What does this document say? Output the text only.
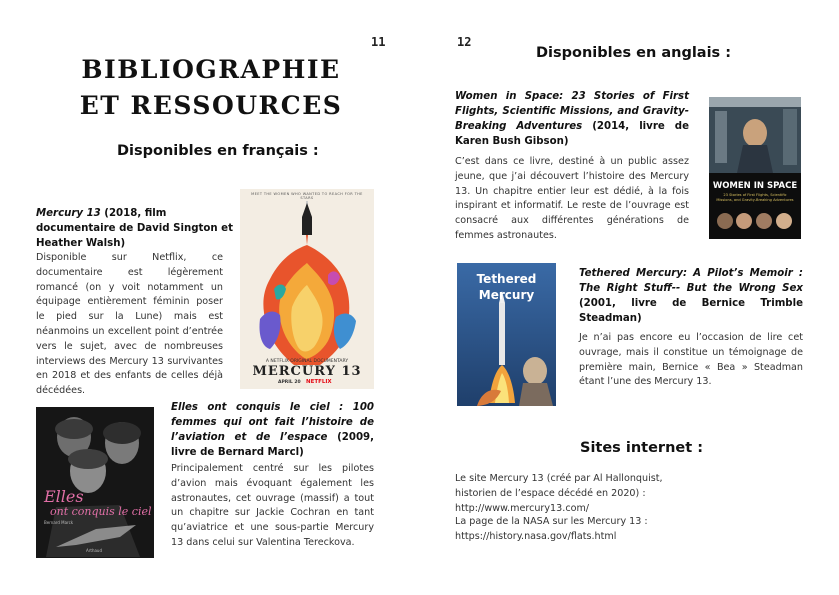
11
BIBLIOGRAPHIE
ET RESSOURCES
Disponibles en français :
Mercury 13 (2018, film documentaire de David Sington et Heather Walsh)
Disponible sur Netflix, ce documentaire est légèrement romancé (on y voit notamment un équipage entièrement féminin poser le pied sur la Lune) mais est néanmoins un excellent point d’entrée vers le sujet, avec de nombreuses interviews des Mercury 13 survivantes en 2018 et des enfants de celles déjà décédées.
MEET THE WOMEN WHO WANTED TO REACH FOR THE STARS
A NETFLIX ORIGINAL DOCUMENTARY
MERCURY 13
APRIL 20 NETFLIX
Elles
ont conquis le ciel
Bernard Marck
Arthaud
Elles ont conquis le ciel : 100 femmes qui ont fait l’histoire de l’aviation et de l’espace (2009, livre de Bernard Marcl)
Principalement centré sur les pilotes d’avion mais évoquant également les astronautes, cet ouvrage (massif) a tout un chapitre sur Jackie Cochran en tant qu’aviatrice et une sous-partie Mercury 13 dans celui sur Valentina Tereckova.
12
Disponibles en anglais :
Women in Space: 23 Stories of First Flights, Scientific Missions, and Gravity-Breaking Adventures (2014, livre de Karen Bush Gibson)
C’est dans ce livre, destiné à un public assez jeune, que j’ai découvert l’histoire des Mercury 13. Un chapitre entier leur est dédié, à la fois inspirant et informatif. Le reste de l’ouvrage est consacré aux différentes générations de femmes astronautes.
WOMEN IN SPACE
23 Stories of First Flights, Scientific Missions, and Gravity-Breaking Adventures
Tethered
Mercury
Tethered Mercury: A Pilot’s Memoir : The Right Stuff-- But the Wrong Sex (2001, livre de Bernice Trimble Steadman)
Je n’ai pas encore eu l’occasion de lire cet ouvrage, mais il constitue un témoignage de première main, Bernice « Bea » Steadman étant l’une des Mercury 13.
Sites internet :
Le site Mercury 13 (créé par Al Hallonquist, historien de l’espace décédé en 2020) : http://www.mercury13.com/
La page de la NASA sur les Mercury 13 : https://history.nasa.gov/flats.html
